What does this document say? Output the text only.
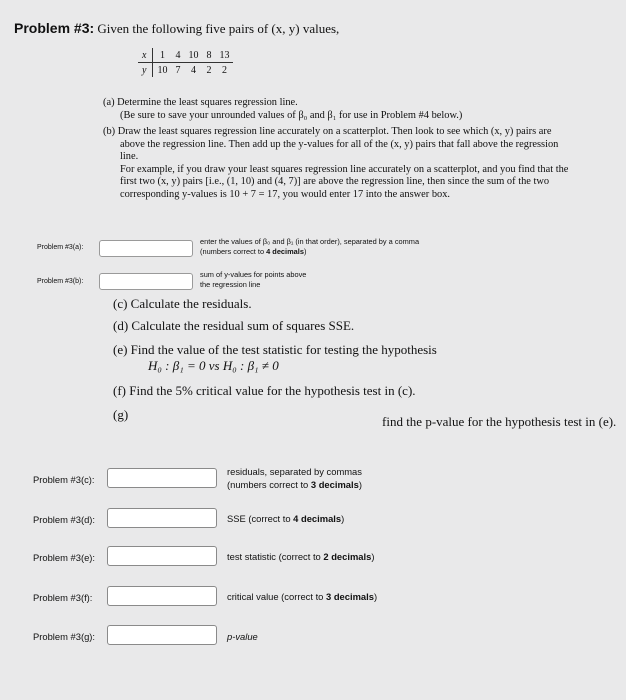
Problem #3: Given the following five pairs of (x, y) values,
x	1	4	10	8	13
y	10	7	4	2	2
(a) Determine the least squares regression line.
(Be sure to save your unrounded values of β₀ and β₁ for use in Problem #4 below.)
(b) Draw the least squares regression line accurately on a scatterplot. Then look to see which (x, y) pairs are
above the regression line. Then add up the y-values for all of the (x, y) pairs that fall above the regression
line.
For example, if you draw your least squares regression line accurately on a scatterplot, and you find that the
first two (x, y) pairs [i.e., (1, 10) and (4, 7)] are above the regression line, then since the sum of the two
corresponding y-values is 10 + 7 = 17, you would enter 17 into the answer box.
Problem #3(a):
enter the values of β₀ and β₁ (in that order), separated by a comma
(numbers correct to 4 decimals)
Problem #3(b):
sum of y-values for points above
the regression line
(c) Calculate the residuals.
(d) Calculate the residual sum of squares SSE.
(e) Find the value of the test statistic for testing the hypothesis
H₀ : β₁ = 0 vs H₀ : β₁ ≠ 0
(f) Find the 5% critical value for the hypothesis test in (c).
(g)	find the p-value for the hypothesis test in (e).
Problem #3(c):
residuals, separated by commas
(numbers correct to 3 decimals)
Problem #3(d):	SSE (correct to 4 decimals)
Problem #3(e):	test statistic (correct to 2 decimals)
Problem #3(f):	critical value (correct to 3 decimals)
Problem #3(g):	p-value
